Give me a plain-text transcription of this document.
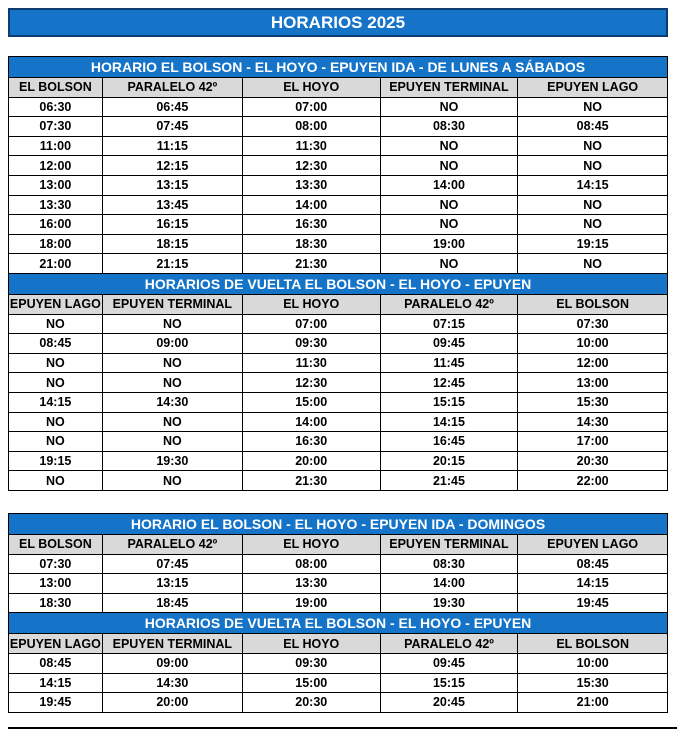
HORARIOS 2025
HORARIO EL BOLSON - EL HOYO - EPUYEN IDA - DE LUNES A SÁBADOS				
EL BOLSON	PARALELO 42º	EL HOYO	EPUYEN TERMINAL	EPUYEN LAGO
06:30	06:45	07:00	NO	NO
07:30	07:45	08:00	08:30	08:45
11:00	11:15	11:30	NO	NO
12:00	12:15	12:30	NO	NO
13:00	13:15	13:30	14:00	14:15
13:30	13:45	14:00	NO	NO
16:00	16:15	16:30	NO	NO
18:00	18:15	18:30	19:00	19:15
21:00	21:15	21:30	NO	NO
HORARIOS DE VUELTA EL BOLSON - EL HOYO - EPUYEN				
EPUYEN LAGO	EPUYEN TERMINAL	EL HOYO	PARALELO 42º	EL BOLSON
NO	NO	07:00	07:15	07:30
08:45	09:00	09:30	09:45	10:00
NO	NO	11:30	11:45	12:00
NO	NO	12:30	12:45	13:00
14:15	14:30	15:00	15:15	15:30
NO	NO	14:00	14:15	14:30
NO	NO	16:30	16:45	17:00
19:15	19:30	20:00	20:15	20:30
NO	NO	21:30	21:45	22:00
HORARIO EL BOLSON - EL HOYO - EPUYEN IDA - DOMINGOS				
EL BOLSON	PARALELO 42º	EL HOYO	EPUYEN TERMINAL	EPUYEN LAGO
07:30	07:45	08:00	08:30	08:45
13:00	13:15	13:30	14:00	14:15
18:30	18:45	19:00	19:30	19:45
HORARIOS DE VUELTA EL BOLSON - EL HOYO - EPUYEN				
EPUYEN LAGO	EPUYEN TERMINAL	EL HOYO	PARALELO 42º	EL BOLSON
08:45	09:00	09:30	09:45	10:00
14:15	14:30	15:00	15:15	15:30
19:45	20:00	20:30	20:45	21:00
